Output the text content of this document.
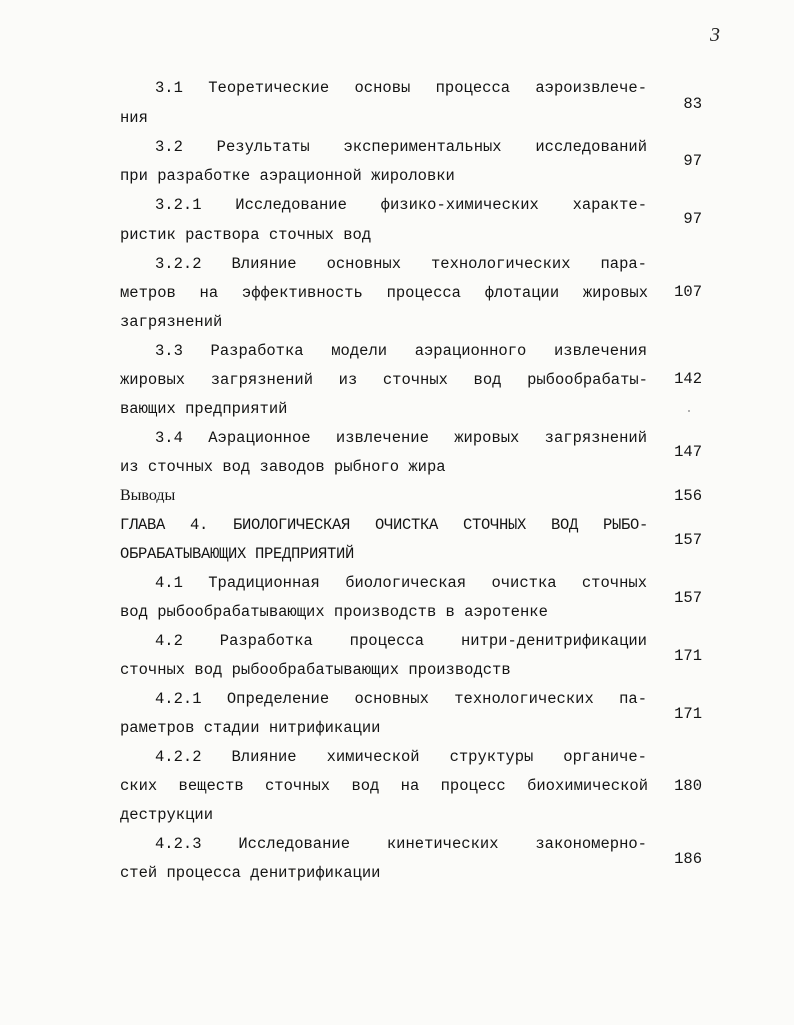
3
3.1 Теоретические основы процесса аэроизвлече-
ния
83
3.2 Результаты экспериментальных исследований
при разработке аэрационной жироловки
97
3.2.1 Исследование физико-химических характе-
ристик раствора сточных вод
97
3.2.2 Влияние основных технологических пара-
метров на эффективность процесса флотации жировых
загрязнений
107
3.3 Разработка модели аэрационного извлечения
жировых загрязнений из сточных вод рыбообрабаты-
вающих предприятий
142
3.4 Аэрационное извлечение жировых загрязнений
из сточных вод заводов рыбного жира
147
Выводы	156
ГЛАВА 4. БИОЛОГИЧЕСКАЯ ОЧИСТКА СТОЧНЫХ ВОД РЫБО-
ОБРАБАТЫВАЮЩИХ ПРЕДПРИЯТИЙ
157
4.1 Традиционная биологическая очистка сточных
вод рыбообрабатывающих производств в аэротенке
157
4.2 Разработка процесса нитри-денитрификации
сточных вод рыбообрабатывающих производств
171
4.2.1 Определение основных технологических па-
раметров стадии нитрификации
171
4.2.2 Влияние химической структуры органиче-
ских веществ сточных вод на процесс биохимической
деструкции
180
4.2.3 Исследование кинетических закономерно-
стей процесса денитрификации
186
